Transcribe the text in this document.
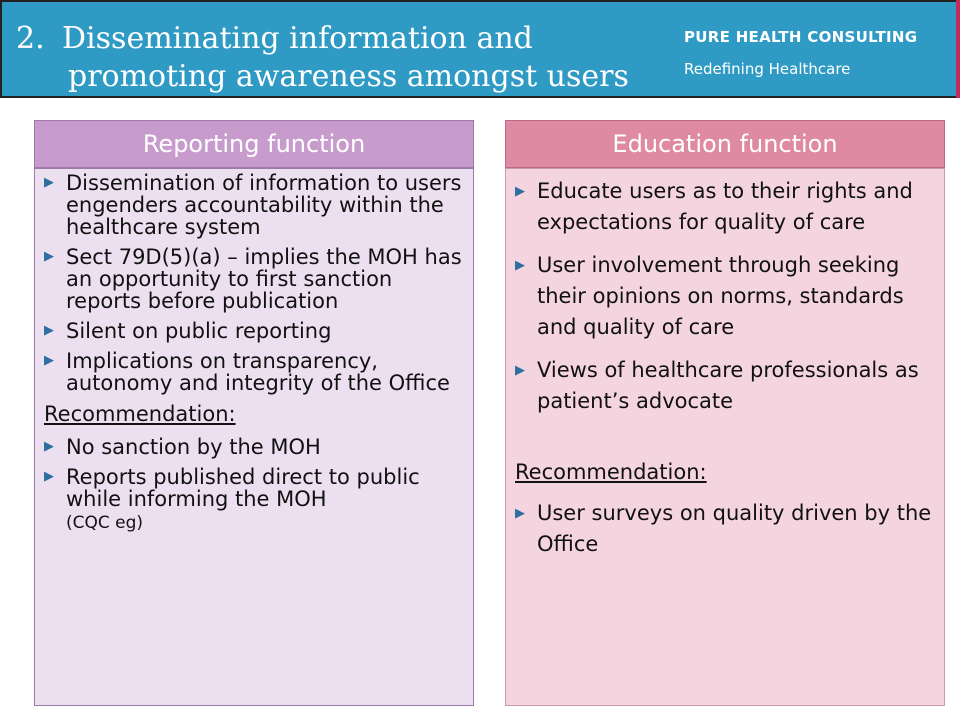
2. Disseminating information and
promoting awareness amongst users
PURE HEALTH CONSULTING
Redefining Healthcare
Reporting function	Education function
▶ Dissemination of information to users engenders accountability within the healthcare system
▶ Sect 79D(5)(a) – implies the MOH has an opportunity to first sanction reports before publication
▶ Silent on public reporting
▶ Implications on transparency, autonomy and integrity of the Office
Recommendation:
▶ No sanction by the MOH
▶ Reports published direct to public while informing the MOH
(CQC eg)
▶ Educate users as to their rights and expectations for quality of care
▶ User involvement through seeking their opinions on norms, standards and quality of care
▶ Views of healthcare professionals as patient’s advocate
Recommendation:
▶ User surveys on quality driven by the Office
